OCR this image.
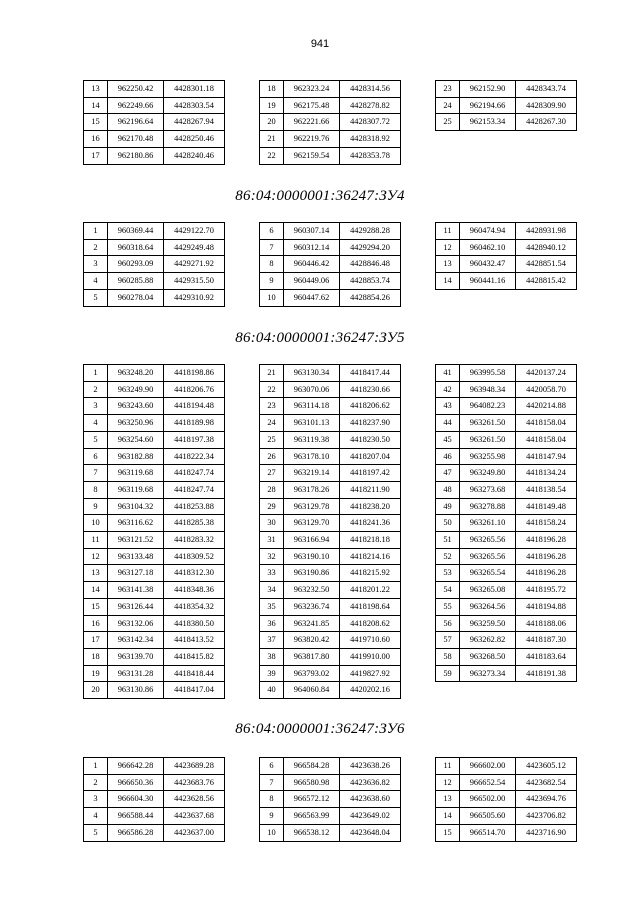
941
13	962250.42	4428301.18
14	962249.66	4428303.54
15	962196.64	4428267.94
16	962170.48	4428250.46
17	962180.86	4428240.46
18	962323.24	4428314.56
19	962175.48	4428278.82
20	962221.66	4428307.72
21	962219.76	4428318.92
22	962159.54	4428353.78
23	962152.90	4428343.74
24	962194.66	4428309.90
25	962153.34	4428267.30
86:04:0000001:36247:ЗУ4
1	960369.44	4429122.70
2	960318.64	4429249.48
3	960293.09	4429271.92
4	960285.88	4429315.50
5	960278.04	4429310.92
6	960307.14	4429288.28
7	960312.14	4429294.20
8	960446.42	4428846.48
9	960449.06	4428853.74
10	960447.62	4428854.26
11	960474.94	4428931.98
12	960462.10	4428940.12
13	960432.47	4428851.54
14	960441.16	4428815.42
86:04:0000001:36247:ЗУ5
1	963248.20	4418198.86
2	963249.90	4418206.76
3	963243.60	4418194.48
4	963250.96	4418189.98
5	963254.60	4418197.38
6	963182.88	4418222.34
7	963119.68	4418247.74
8	963119.68	4418247.74
9	963104.32	4418253.88
10	963116.62	4418285.38
11	963121.52	4418283.32
12	963133.48	4418309.52
13	963127.18	4418312.30
14	963141.38	4418348.36
15	963126.44	4418354.32
16	963132.06	4418380.50
17	963142.34	4418413.52
18	963139.70	4418415.82
19	963131.28	4418418.44
20	963130.86	4418417.04
21	963130.34	4418417.44
22	963070.06	4418230.66
23	963114.18	4418206.62
24	963101.13	4418237.90
25	963119.38	4418230.50
26	963178.10	4418207.04
27	963219.14	4418197.42
28	963178.26	4418211.90
29	963129.78	4418238.20
30	963129.70	4418241.36
31	963166.94	4418218.18
32	963190.10	4418214.16
33	963190.86	4418215.92
34	963232.50	4418201.22
35	963236.74	4418198.64
36	963241.85	4418208.62
37	963820.42	4419710.60
38	963817.80	4419910.00
39	963793.02	4419827.92
40	964060.84	4420202.16
41	963995.58	4420137.24
42	963948.34	4420058.70
43	964082.23	4420214.88
44	963261.50	4418158.04
45	963261.50	4418158.04
46	963255.98	4418147.94
47	963249.80	4418134.24
48	963273.68	4418138.54
49	963278.88	4418149.48
50	963261.10	4418158.24
51	963265.56	4418196.28
52	963265.56	4418196.28
53	963265.54	4418196.28
54	963265.08	4418195.72
55	963264.56	4418194.88
56	963259.50	4418188.06
57	963262.82	4418187.30
58	963268.50	4418183.64
59	963273.34	4418191.38
86:04:0000001:36247:ЗУ6
1	966642.28	4423689.28
2	966650.36	4423683.76
3	966604.30	4423628.56
4	966588.44	4423637.68
5	966586.28	4423637.00
6	966584.28	4423638.26
7	966580.98	4423636.82
8	966572.12	4423638.60
9	966563.99	4423649.02
10	966538.12	4423648.04
11	966602.00	4423605.12
12	966652.54	4423682.54
13	966502.00	4423694.76
14	966505.60	4423706.82
15	966514.70	4423716.90
